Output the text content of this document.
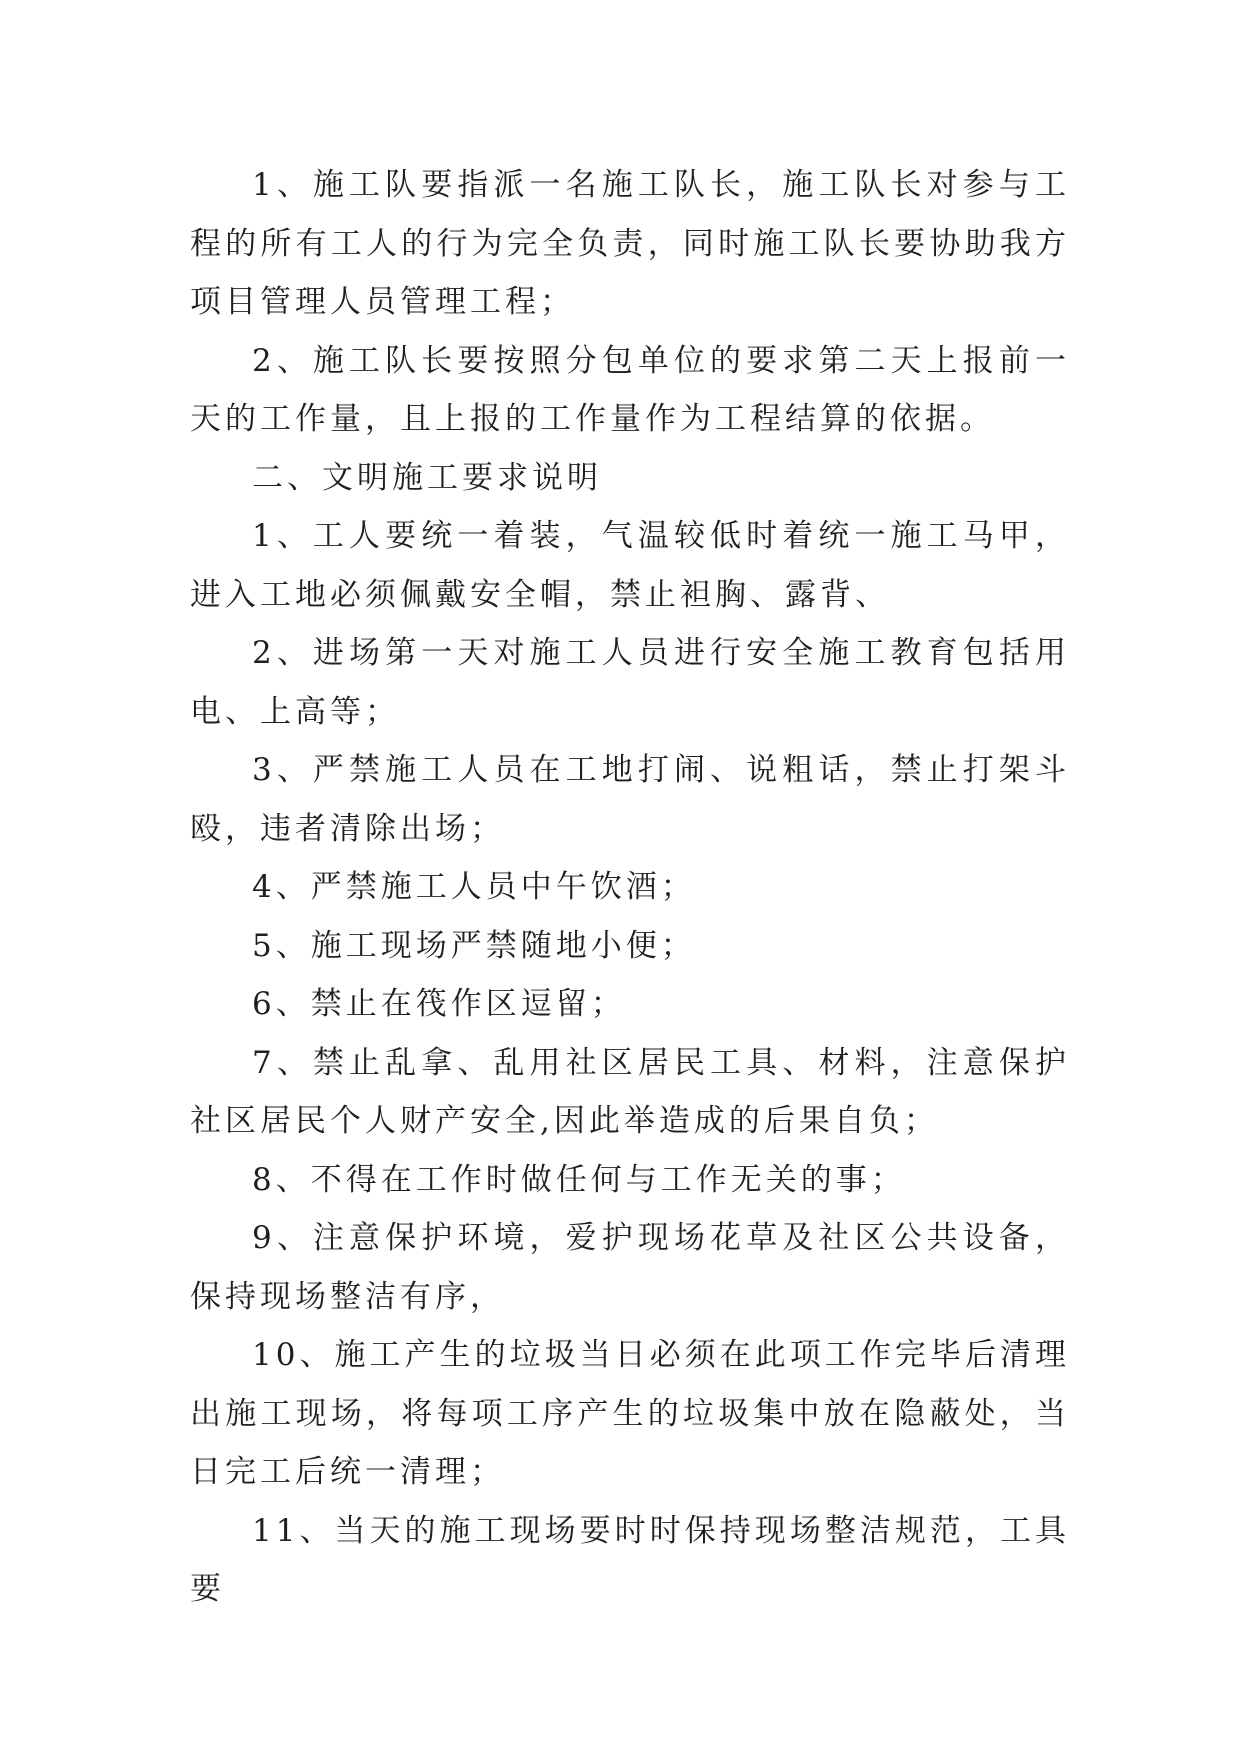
1、施工队要指派一名施工队长，施工队长对参与工程的所有工人的行为完全负责，同时施工队长要协助我方项目管理人员管理工程；

2、施工队长要按照分包单位的要求第二天上报前一天的工作量，且上报的工作量作为工程结算的依据。

二、文明施工要求说明

1、工人要统一着装，气温较低时着统一施工马甲，进入工地必须佩戴安全帽，禁止袒胸、露背、

2、进场第一天对施工人员进行安全施工教育包括用电、上高等；

3、严禁施工人员在工地打闹、说粗话，禁止打架斗殴，违者清除出场；

4、严禁施工人员中午饮酒；

5、施工现场严禁随地小便；

6、禁止在筏作区逗留；

7、禁止乱拿、乱用社区居民工具、材料，注意保护社区居民个人财产安全,因此举造成的后果自负；

8、不得在工作时做任何与工作无关的事；

9、注意保护环境，爱护现场花草及社区公共设备，保持现场整洁有序，

10、施工产生的垃圾当日必须在此项工作完毕后清理出施工现场，将每项工序产生的垃圾集中放在隐蔽处，当日完工后统一清理；

11、当天的施工现场要时时保持现场整洁规范，工具要
